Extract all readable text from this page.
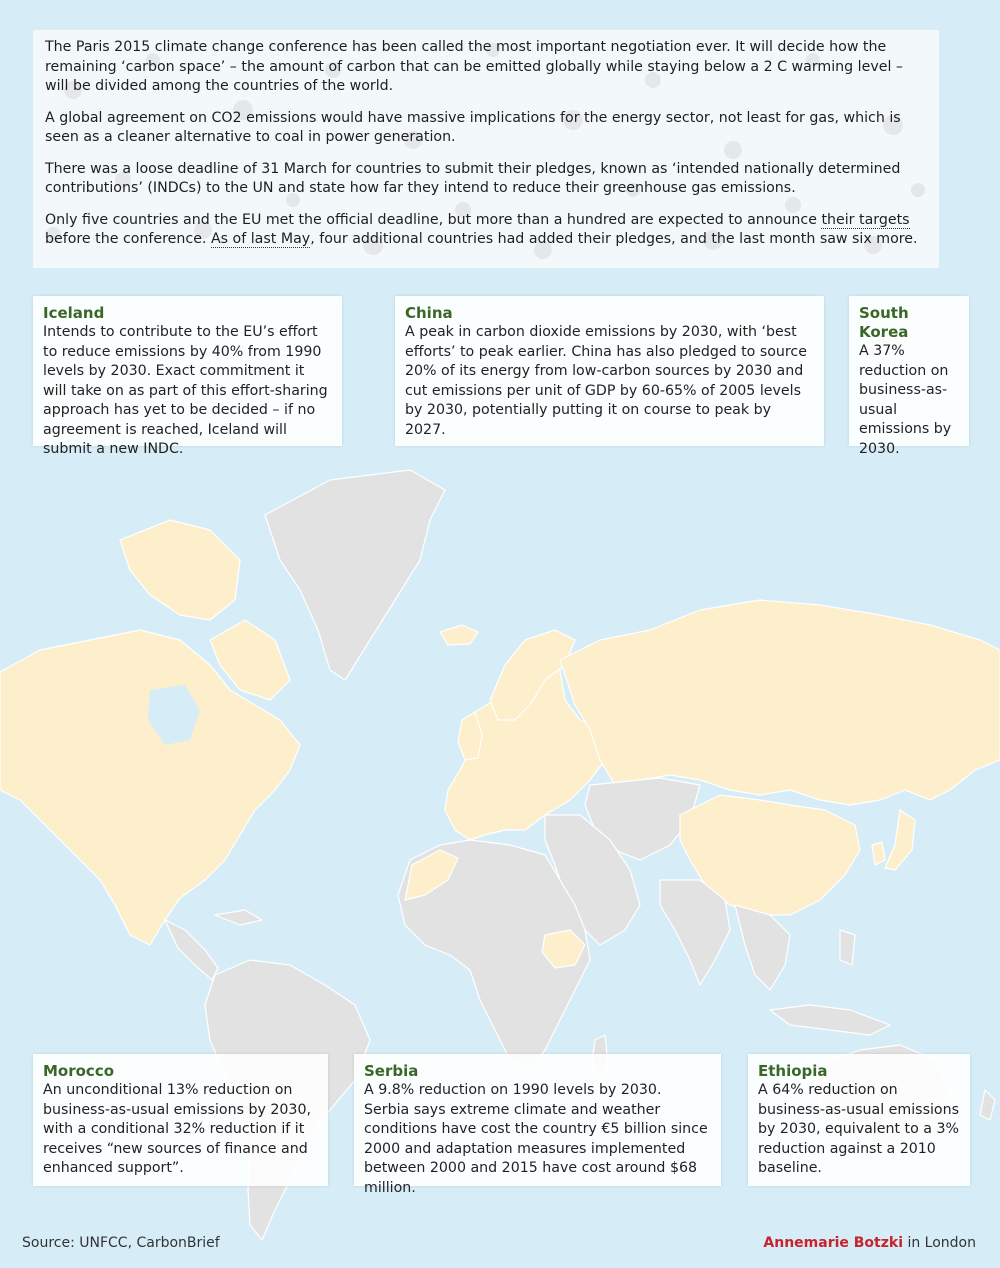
The Paris 2015 climate change conference has been called the most important negotiation ever. It will decide how the remaining ‘carbon space’ – the amount of carbon that can be emitted globally while staying below a 2 C warming level – will be divided among the countries of the world.

A global agreement on CO2 emissions would have massive implications for the energy sector, not least for gas, which is seen as a cleaner alternative to coal in power generation.

There was a loose deadline of 31 March for countries to submit their pledges, known as ‘intended nationally determined contributions’ (INDCs) to the UN and state how far they intend to reduce their greenhouse gas emissions.

Only five countries and the EU met the official deadline, but more than a hundred are expected to announce their targets before the conference. As of last May, four additional countries had added their pledges, and the last month saw six more.

Iceland

Intends to contribute to the EU’s effort to reduce emissions by 40% from 1990 levels by 2030. Exact commitment it will take on as part of this effort-sharing approach has yet to be decided – if no agreement is reached, Iceland will submit a new INDC.

China

A peak in carbon dioxide emissions by 2030, with ‘best efforts’ to peak earlier. China has also pledged to source 20% of its energy from low-carbon sources by 2030 and cut emissions per unit of GDP by 60-65% of 2005 levels by 2030, potentially putting it on course to peak by 2027.

South Korea

A 37% reduction on business-as-usual emissions by 2030.

Morocco

An unconditional 13% reduction on business-as-usual emissions by 2030, with a conditional 32% reduction if it receives “new sources of finance and enhanced support”.

Serbia

A 9.8% reduction on 1990 levels by 2030. Serbia says extreme climate and weather conditions have cost the country €5 billion since 2000 and adaptation measures implemented between 2000 and 2015 have cost around $68 million.

Ethiopia

A 64% reduction on business-as-usual emissions by 2030, equivalent to a 3% reduction against a 2010 baseline.

Source: UNFCC, CarbonBrief	Annemarie Botzki in London
